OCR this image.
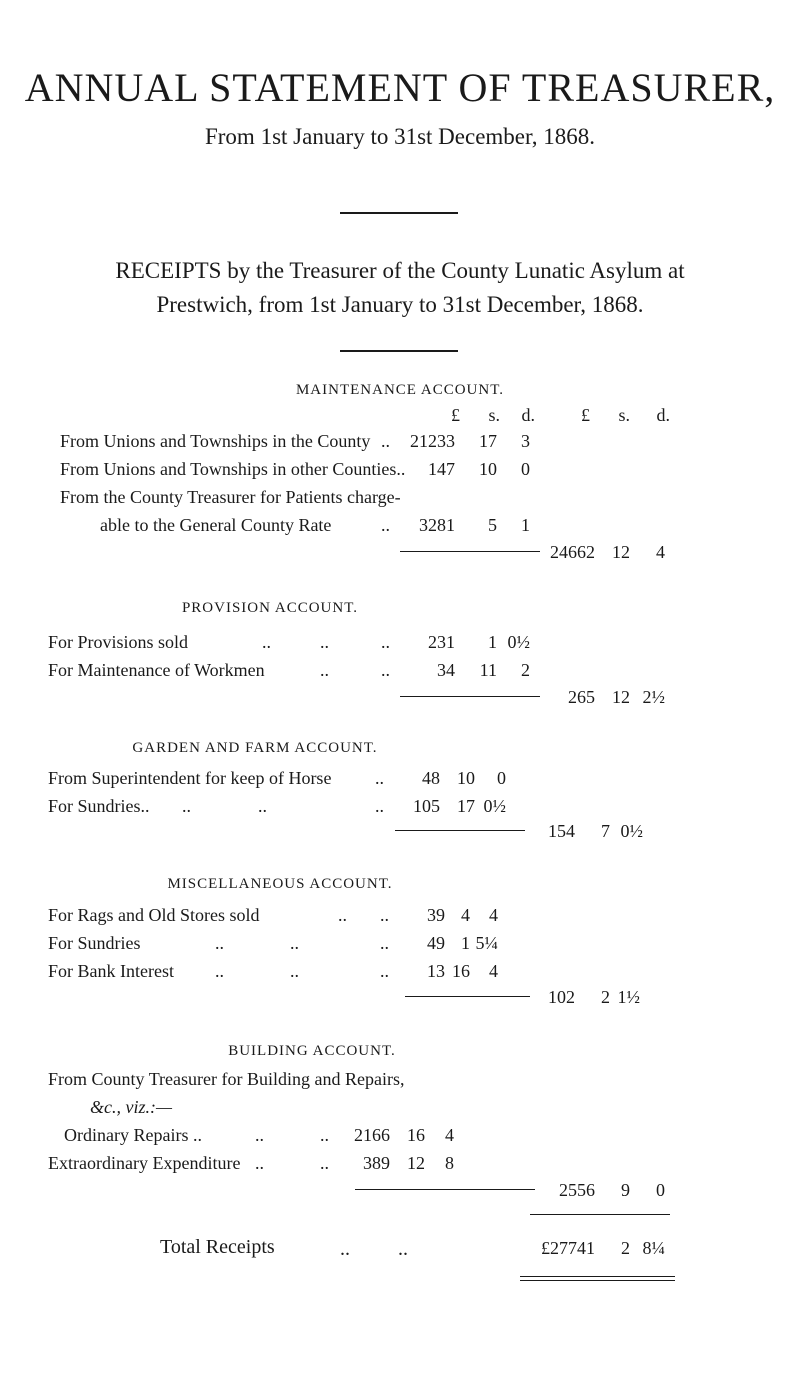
ANNUAL STATEMENT OF TREASURER,
From 1st January to 31st December, 1868.
RECEIPTS by the Treasurer of the County Lunatic Asylum at
Prestwich, from 1st January to 31st December, 1868.
MAINTENANCE ACCOUNT.
£	s.	d.	£	s.	d.
From Unions and Townships in the County ..	21233	17	3
From Unions and Townships in other Counties..	147	10	0
From the County Treasurer for Patients charge-
able to the General County Rate	..	3281	5	1
24662 12	4
PROVISION ACCOUNT.
For Provisions sold	..	..	..	231	1 0½
For Maintenance of Workmen	..	..	34	11	2
265 12 2½
GARDEN AND FARM ACCOUNT.
From Superintendent for keep of Horse ..	48 10	0
For Sundries.. ..	..	..	105 17 0½
154	7 0½
MISCELLANEOUS ACCOUNT.
For Rags and Old Stores sold	.. ..	39 4	4
For Sundries	..	..	..	49 1 5¼
For Bank Interest ..	..	..	13 16	4
102	2 1½
BUILDING ACCOUNT.
From County Treasurer for Building and Repairs,
&c., viz.:—
Ordinary Repairs ..	..	..	2166 16	4
Extraordinary Expenditure ..	..	389 12	8
2556	9	0
Total Receipts	.. ..	£27741	2 8¼
